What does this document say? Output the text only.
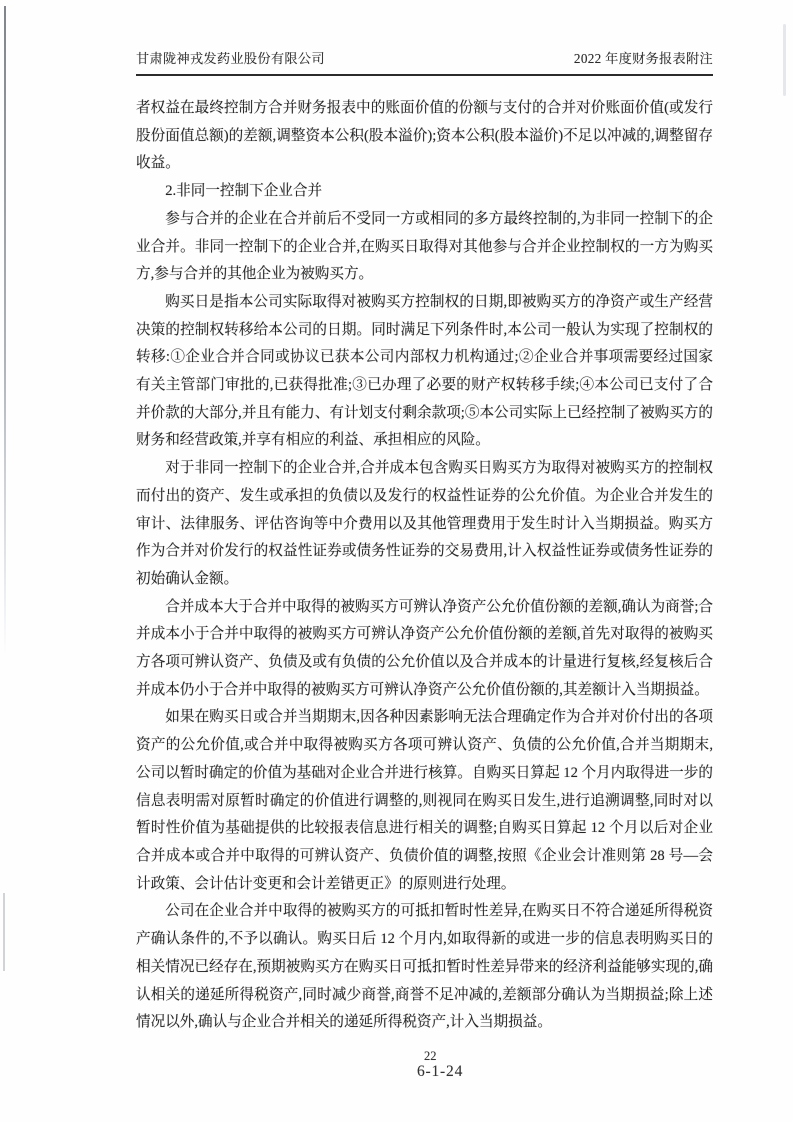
甘肃陇神戎发药业股份有限公司	2022 年度财务报表附注

者权益在最终控制方合并财务报表中的账面价值的份额与支付的合并对价账面价值(或发行股份面值总额)的差额,调整资本公积(股本溢价);资本公积(股本溢价)不足以冲减的,调整留存收益。

2.非同一控制下企业合并

参与合并的企业在合并前后不受同一方或相同的多方最终控制的,为非同一控制下的企业合并。非同一控制下的企业合并,在购买日取得对其他参与合并企业控制权的一方为购买方,参与合并的其他企业为被购买方。

购买日是指本公司实际取得对被购买方控制权的日期,即被购买方的净资产或生产经营决策的控制权转移给本公司的日期。同时满足下列条件时,本公司一般认为实现了控制权的转移:①企业合并合同或协议已获本公司内部权力机构通过;②企业合并事项需要经过国家有关主管部门审批的,已获得批准;③已办理了必要的财产权转移手续;④本公司已支付了合并价款的大部分,并且有能力、有计划支付剩余款项;⑤本公司实际上已经控制了被购买方的财务和经营政策,并享有相应的利益、承担相应的风险。

对于非同一控制下的企业合并,合并成本包含购买日购买方为取得对被购买方的控制权而付出的资产、发生或承担的负债以及发行的权益性证券的公允价值。为企业合并发生的审计、法律服务、评估咨询等中介费用以及其他管理费用于发生时计入当期损益。购买方作为合并对价发行的权益性证券或债务性证券的交易费用,计入权益性证券或债务性证券的初始确认金额。

合并成本大于合并中取得的被购买方可辨认净资产公允价值份额的差额,确认为商誉;合并成本小于合并中取得的被购买方可辨认净资产公允价值份额的差额,首先对取得的被购买方各项可辨认资产、负债及或有负债的公允价值以及合并成本的计量进行复核,经复核后合并成本仍小于合并中取得的被购买方可辨认净资产公允价值份额的,其差额计入当期损益。

如果在购买日或合并当期期末,因各种因素影响无法合理确定作为合并对价付出的各项资产的公允价值,或合并中取得被购买方各项可辨认资产、负债的公允价值,合并当期期末,公司以暂时确定的价值为基础对企业合并进行核算。自购买日算起 12 个月内取得进一步的信息表明需对原暂时确定的价值进行调整的,则视同在购买日发生,进行追溯调整,同时对以暂时性价值为基础提供的比较报表信息进行相关的调整;自购买日算起 12 个月以后对企业合并成本或合并中取得的可辨认资产、负债价值的调整,按照《企业会计准则第 28 号—会计政策、会计估计变更和会计差错更正》的原则进行处理。

公司在企业合并中取得的被购买方的可抵扣暂时性差异,在购买日不符合递延所得税资产确认条件的,不予以确认。购买日后 12 个月内,如取得新的或进一步的信息表明购买日的相关情况已经存在,预期被购买方在购买日可抵扣暂时性差异带来的经济利益能够实现的,确认相关的递延所得税资产,同时减少商誉,商誉不足冲减的,差额部分确认为当期损益;除上述情况以外,确认与企业合并相关的递延所得税资产,计入当期损益。

22
6-1-24
